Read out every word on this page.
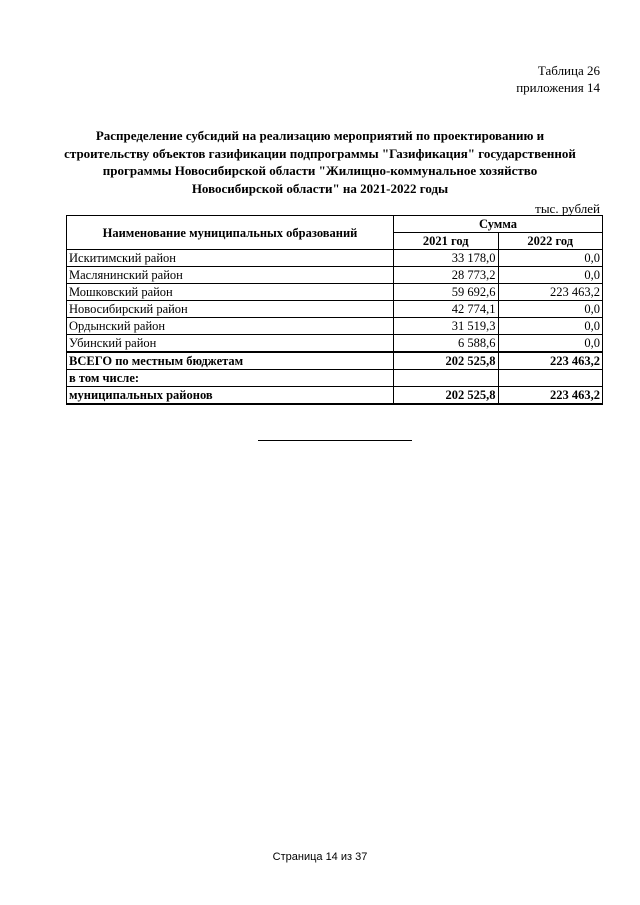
Таблица 26
приложения 14
Распределение субсидий на реализацию мероприятий по проектированию и строительству объектов газификации подпрограммы "Газификация" государственной программы Новосибирской области "Жилищно-коммунальное хозяйство Новосибирской области" на 2021-2022 годы
тыс. рублей
Наименование муниципальных образований	Сумма	
	2021 год	2022 год
Искитимский район	33 178,0	0,0
Маслянинский район	28 773,2	0,0
Мошковский район	59 692,6	223 463,2
Новосибирский район	42 774,1	0,0
Ордынский район	31 519,3	0,0
Убинский район	6 588,6	0,0
ВСЕГО по местным бюджетам	202 525,8	223 463,2
в том числе:		
муниципальных районов	202 525,8	223 463,2
Страница 14 из 37
